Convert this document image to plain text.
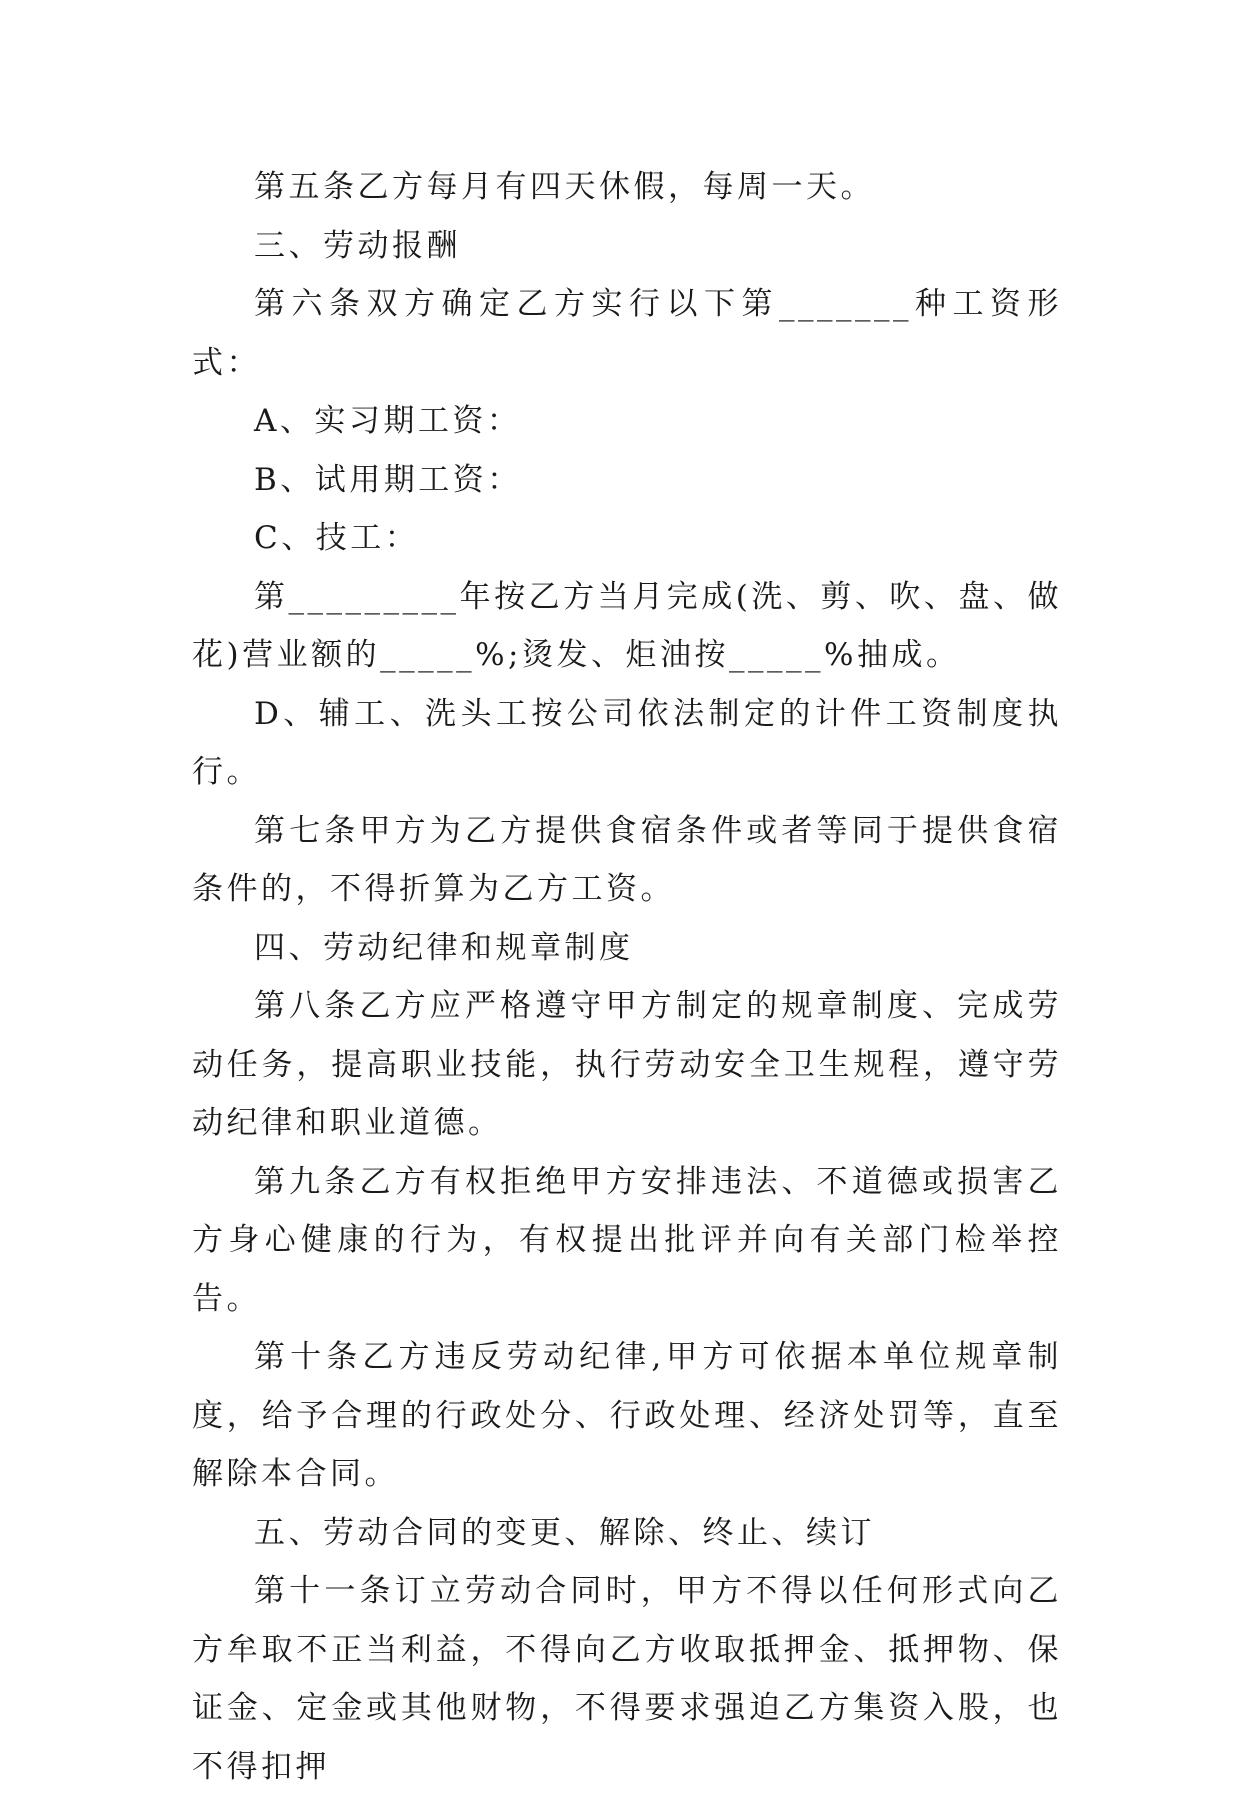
第五条乙方每月有四天休假，每周一天。

三、劳动报酬

第六条双方确定乙方实行以下第_______种工资形式：

A、实习期工资：

B、试用期工资：

C、技工：

第_________年按乙方当月完成(洗、剪、吹、盘、做花)营业额的_____%;烫发、炬油按_____%抽成。

D、辅工、洗头工按公司依法制定的计件工资制度执行。

第七条甲方为乙方提供食宿条件或者等同于提供食宿条件的，不得折算为乙方工资。

四、劳动纪律和规章制度

第八条乙方应严格遵守甲方制定的规章制度、完成劳动任务，提高职业技能，执行劳动安全卫生规程，遵守劳动纪律和职业道德。

第九条乙方有权拒绝甲方安排违法、不道德或损害乙方身心健康的行为，有权提出批评并向有关部门检举控告。

第十条乙方违反劳动纪律,甲方可依据本单位规章制度，给予合理的行政处分、行政处理、经济处罚等，直至解除本合同。

五、劳动合同的变更、解除、终止、续订

第十一条订立劳动合同时，甲方不得以任何形式向乙方牟取不正当利益，不得向乙方收取抵押金、抵押物、保证金、定金或其他财物，不得要求强迫乙方集资入股，也不得扣押
